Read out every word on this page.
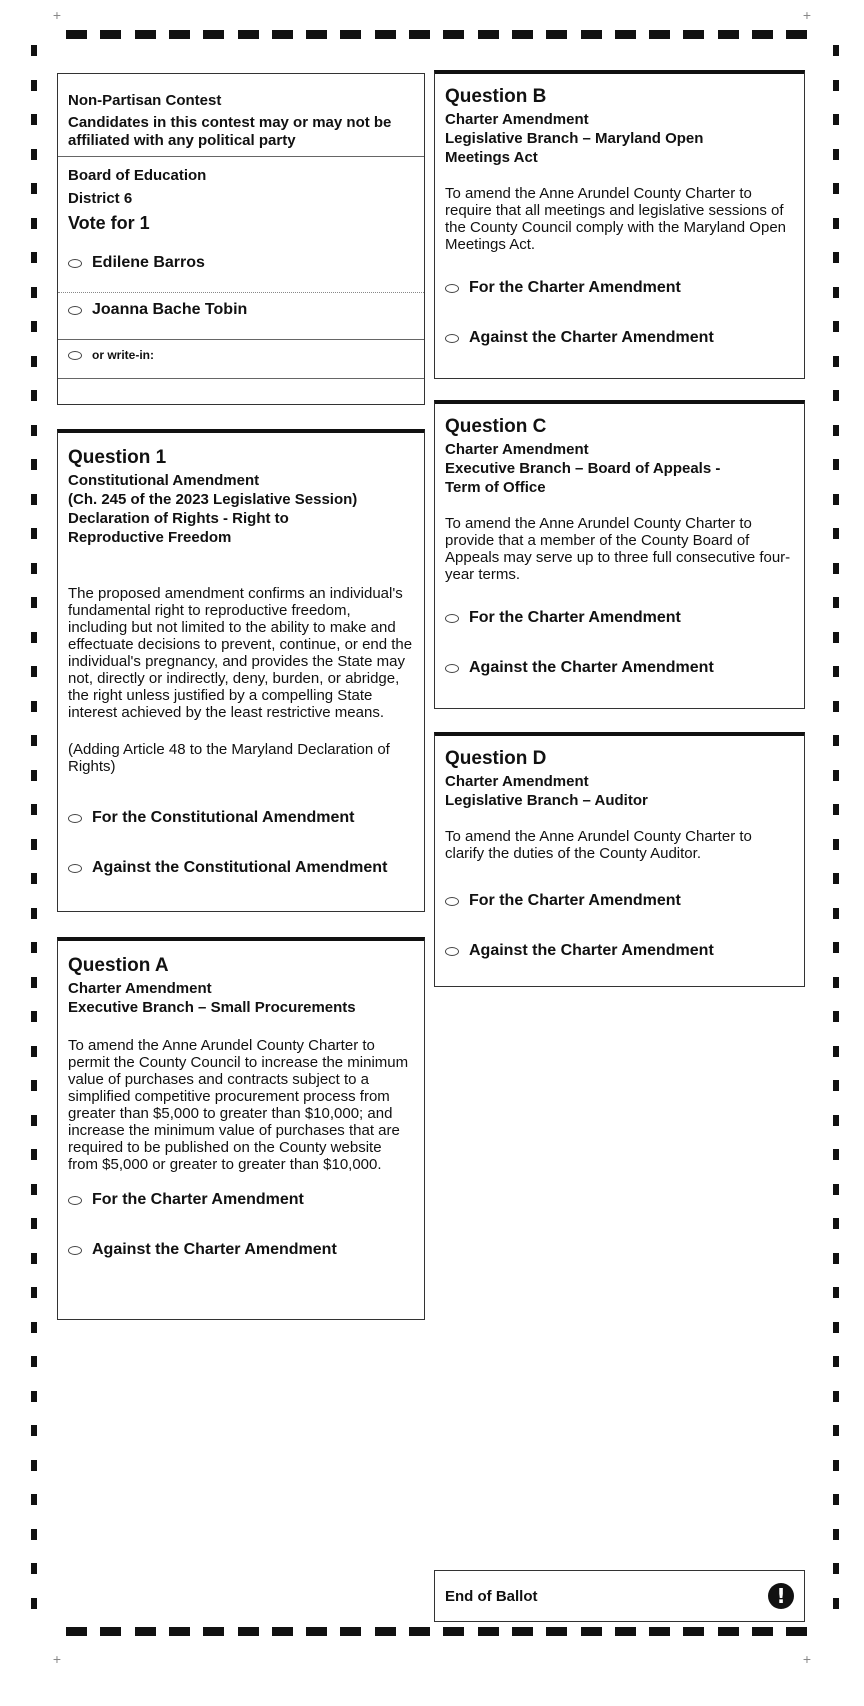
+	+
+	+
Non-Partisan Contest
Candidates in this contest may or may not be affiliated with any political party
Board of Education
District 6
Vote for 1
Edilene Barros
Joanna Bache Tobin
or write-in:
Question 1
Constitutional Amendment
(Ch. 245 of the 2023 Legislative Session)
Declaration of Rights - Right to
Reproductive Freedom
The proposed amendment confirms an individual's fundamental right to reproductive freedom, including but not limited to the ability to make and effectuate decisions to prevent, continue, or end the individual's pregnancy, and provides the State may not, directly or indirectly, deny, burden, or abridge, the right unless justified by a compelling State interest achieved by the least restrictive means.
(Adding Article 48 to the Maryland Declaration of Rights)
For the Constitutional Amendment
Against the Constitutional Amendment
Question A
Charter Amendment
Executive Branch – Small Procurements
To amend the Anne Arundel County Charter to permit the County Council to increase the minimum value of purchases and contracts subject to a simplified competitive procurement process from greater than $5,000 to greater than $10,000; and increase the minimum value of purchases that are required to be published on the County website from $5,000 or greater to greater than $10,000.
For the Charter Amendment
Against the Charter Amendment
Question B
Charter Amendment
Legislative Branch – Maryland Open
Meetings Act
To amend the Anne Arundel County Charter to require that all meetings and legislative sessions of the County Council comply with the Maryland Open Meetings Act.
For the Charter Amendment
Against the Charter Amendment
Question C
Charter Amendment
Executive Branch – Board of Appeals -
Term of Office
To amend the Anne Arundel County Charter to provide that a member of the County Board of Appeals may serve up to three full consecutive four-year terms.
For the Charter Amendment
Against the Charter Amendment
Question D
Charter Amendment
Legislative Branch – Auditor
To amend the Anne Arundel County Charter to clarify the duties of the County Auditor.
For the Charter Amendment
Against the Charter Amendment
End of Ballot	!
